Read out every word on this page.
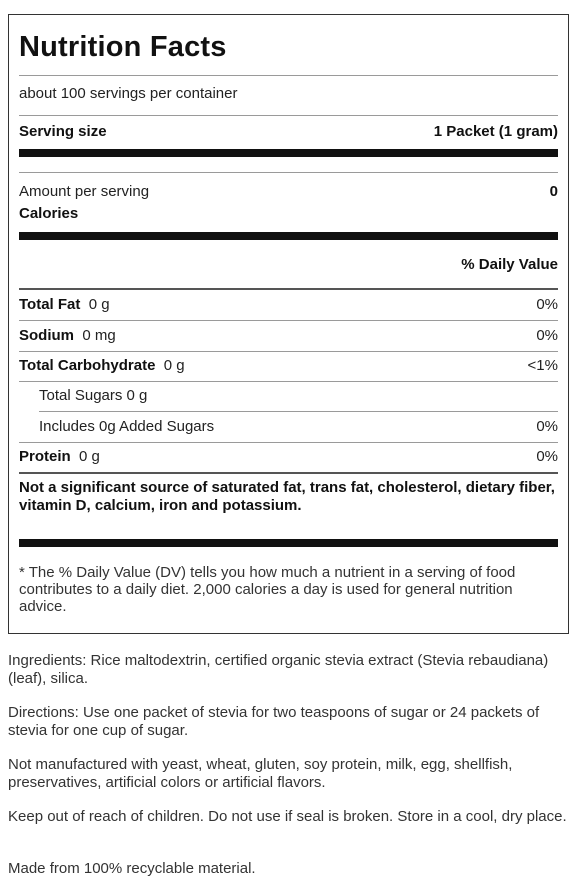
Nutrition Facts
about 100 servings per container
Serving size	1 Packet (1 gram)
Amount per serving	0
Calories
% Daily Value
Total Fat 0 g	0%
Sodium 0 mg	0%
Total Carbohydrate 0 g	<1%
Total Sugars 0 g
Includes 0g Added Sugars	0%
Protein 0 g	0%
Not a significant source of saturated fat, trans fat, cholesterol, dietary fiber, vitamin D, calcium, iron and potassium.
* The % Daily Value (DV) tells you how much a nutrient in a serving of food contributes to a daily diet. 2,000 calories a day is used for general nutrition advice.
Ingredients: Rice maltodextrin, certified organic stevia extract (Stevia rebaudiana) (leaf), silica.
Directions: Use one packet of stevia for two teaspoons of sugar or 24 packets of stevia for one cup of sugar.
Not manufactured with yeast, wheat, gluten, soy protein, milk, egg, shellfish, preservatives, artificial colors or artificial flavors.
Keep out of reach of children. Do not use if seal is broken. Store in a cool, dry place.
Made from 100% recyclable material.
